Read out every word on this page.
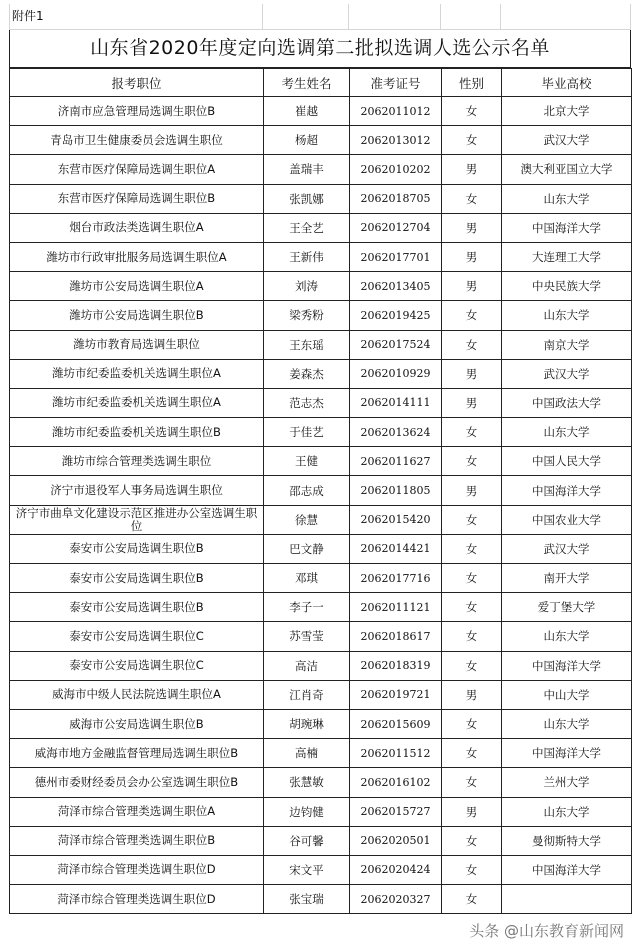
附件1
山东省2020年度定向选调第二批拟选调人选公示名单
报考职位	考生姓名	准考证号	性别	毕业高校
济南市应急管理局选调生职位B	崔越	2062011012	女	北京大学
青岛市卫生健康委员会选调生职位	杨超	2062013012	女	武汉大学
东营市医疗保障局选调生职位A	盖瑞丰	2062010202	男	澳大利亚国立大学
东营市医疗保障局选调生职位B	张凯娜	2062018705	女	山东大学
烟台市政法类选调生职位A	王全艺	2062012704	男	中国海洋大学
潍坊市行政审批服务局选调生职位A	王新伟	2062017701	男	大连理工大学
潍坊市公安局选调生职位A	刘涛	2062013405	男	中央民族大学
潍坊市公安局选调生职位B	梁秀粉	2062019425	女	山东大学
潍坊市教育局选调生职位	王东瑶	2062017524	女	南京大学
潍坊市纪委监委机关选调生职位A	姜森杰	2062010929	男	武汉大学
潍坊市纪委监委机关选调生职位A	范志杰	2062014111	男	中国政法大学
潍坊市纪委监委机关选调生职位B	于佳艺	2062013624	女	山东大学
潍坊市综合管理类选调生职位	王健	2062011627	女	中国人民大学
济宁市退役军人事务局选调生职位	邵志成	2062011805	男	中国海洋大学
济宁市曲阜文化建设示范区推进办公室选调生职位	徐慧	2062015420	女	中国农业大学
泰安市公安局选调生职位B	巴文静	2062014421	女	武汉大学
泰安市公安局选调生职位B	邓琪	2062017716	女	南开大学
泰安市公安局选调生职位B	李子一	2062011121	女	爱丁堡大学
泰安市公安局选调生职位C	苏雪莹	2062018617	女	山东大学
泰安市公安局选调生职位C	高洁	2062018319	女	中国海洋大学
威海市中级人民法院选调生职位A	江肖奇	2062019721	男	中山大学
威海市公安局选调生职位B	胡琬琳	2062015609	女	山东大学
威海市地方金融监督管理局选调生职位B	高楠	2062011512	女	中国海洋大学
德州市委财经委员会办公室选调生职位B	张慧敏	2062016102	女	兰州大学
菏泽市综合管理类选调生职位A	边钧健	2062015727	男	山东大学
菏泽市综合管理类选调生职位B	谷可馨	2062020501	女	曼彻斯特大学
菏泽市综合管理类选调生职位D	宋文平	2062020424	女	中国海洋大学
菏泽市综合管理类选调生职位D	张宝瑞	2062020327	女	
头条 @山东教育新闻网
